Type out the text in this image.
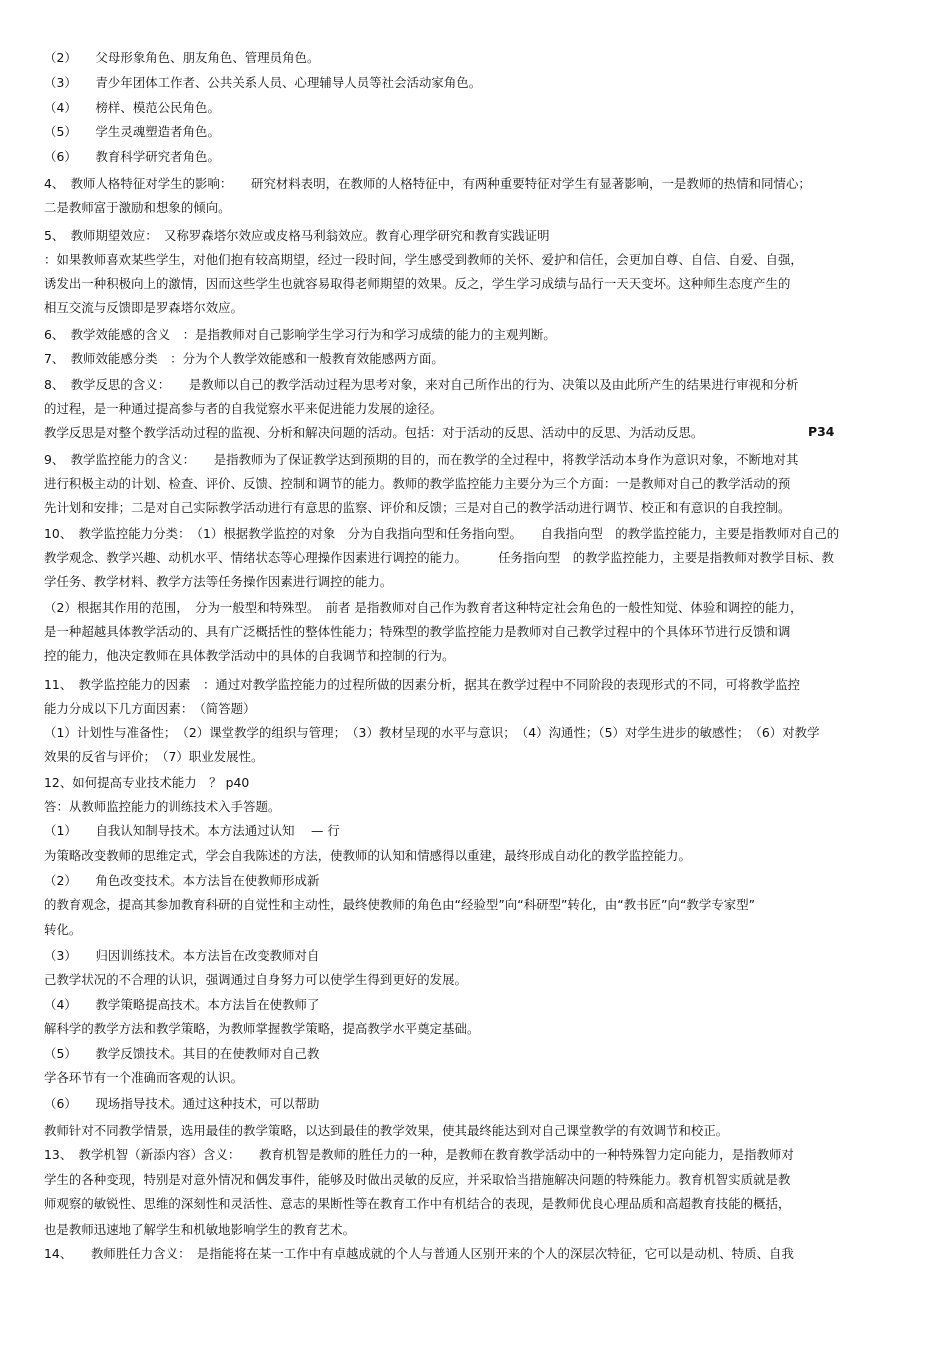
（2）　　父母形象角色、朋友角色、管理员角色。
（3）　　青少年团体工作者、公共关系人员、心理辅导人员等社会活动家角色。
（4）　　榜样、模范公民角色。
（5）　　学生灵魂塑造者角色。
（6）　　教育科学研究者角色。
4、　教师人格特征对学生的影响：　　研究材料表明，在教师的人格特征中，有两种重要特征对学生有显著影响，一是教师的热情和同情心；
二是教师富于激励和想象的倾向。
5、　教师期望效应：　又称罗森塔尔效应或皮格马利翁效应。教育心理学研究和教育实践证明
：如果教师喜欢某些学生，对他们抱有较高期望，经过一段时间，学生感受到教师的关怀、爱护和信任，会更加自尊、自信、自爱、自强，
诱发出一种积极向上的激情，因而这些学生也就容易取得老师期望的效果。反之，学生学习成绩与品行一天天变坏。这种师生态度产生的
相互交流与反馈即是罗森塔尔效应。
6、　教学效能感的含义　：是指教师对自己影响学生学习行为和学习成绩的能力的主观判断。
7、　教师效能感分类　：分为个人教学效能感和一般教育效能感两方面。
8、　教学反思的含义：　　是教师以自己的教学活动过程为思考对象，来对自己所作出的行为、决策以及由此所产生的结果进行审视和分析
的过程，是一种通过提高参与者的自我觉察水平来促进能力发展的途径。
教学反思是对整个教学活动过程的监视、分析和解决问题的活动。包括：对于活动的反思、活动中的反思、为活动反思。
9、　教学监控能力的含义：　　是指教师为了保证教学达到预期的目的，而在教学的全过程中，将教学活动本身作为意识对象，不断地对其
进行积极主动的计划、检查、评价、反馈、控制和调节的能力。教师的教学监控能力主要分为三个方面：一是教师对自己的教学活动的预
先计划和安排；二是对自己实际教学活动进行有意思的监察、评价和反馈；三是对自己的教学活动进行调节、校正和有意识的自我控制。
10、　教学监控能力分类：　（1）根据教学监控的对象　分为自我指向型和任务指向型。　　自我指向型　的教学监控能力，主要是指教师对自己的
教学观念、教学兴趣、动机水平、情绪状态等心理操作因素进行调控的能力。　　　任务指向型　的教学监控能力，主要是指教师对教学目标、教
学任务、教学材料、教学方法等任务操作因素进行调控的能力。
（2）根据其作用的范围，　分为一般型和特殊型。　前者 是指教师对自己作为教育者这种特定社会角色的一般性知觉、体验和调控的能力，
是一种超越具体教学活动的、具有广泛概括性的整体性能力；特殊型的教学监控能力是教师对自己教学过程中的个具体环节进行反馈和调
控的能力，他决定教师在具体教学活动中的具体的自我调节和控制的行为。
11、　教学监控能力的因素　：通过对教学监控能力的过程所做的因素分析，据其在教学过程中不同阶段的表现形式的不同，可将教学监控
能力分成以下几方面因素：　（简答题）
（1）计划性与准备性；　（2）课堂教学的组织与管理；　（3）教材呈现的水平与意识；　（4）沟通性；（5）对学生进步的敏感性；　（6）对教学
效果的反省与评价；　（7）职业发展性。
12、如何提高专业技术能力　？ p40
答：从教师监控能力的训练技术入手答题。
（1）　　自我认知制导技术。本方法通过认知　 — 行
为策略改变教师的思维定式，学会自我陈述的方法，使教师的认知和情感得以重建，最终形成自动化的教学监控能力。
（2）　　角色改变技术。本方法旨在使教师形成新
的教育观念，提高其参加教育科研的自觉性和主动性，最终使教师的角色由“经验型”向“科研型”转化，由“教书匠”向“教学专家型”
转化。
（3）　　归因训练技术。本方法旨在改变教师对自
己教学状况的不合理的认识，强调通过自身努力可以使学生得到更好的发展。
（4）　　教学策略提高技术。本方法旨在使教师了
解科学的教学方法和教学策略，为教师掌握教学策略，提高教学水平奠定基础。
（5）　　教学反馈技术。其目的在使教师对自己教
学各环节有一个准确而客观的认识。
（6）　　现场指导技术。通过这种技术，可以帮助
教师针对不同教学情景，选用最佳的教学策略，以达到最佳的教学效果，使其最终能达到对自己课堂教学的有效调节和校正。
13、　教学机智（新添内容）含义：　　教育机智是教师的胜任力的一种，是教师在教育教学活动中的一种特殊智力定向能力，是指教师对
学生的各种变现，特别是对意外情况和偶发事件，能够及时做出灵敏的反应，并采取恰当措施解决问题的特殊能力。教育机智实质就是教
师观察的敏锐性、思维的深刻性和灵活性、意志的果断性等在教育工作中有机结合的表现，是教师优良心理品质和高超教育技能的概括，
也是教师迅速地了解学生和机敏地影响学生的教育艺术。
14、　　教师胜任力含义：　是指能将在某一工作中有卓越成就的个人与普通人区别开来的个人的深层次特征，它可以是动机、特质、自我
P34
